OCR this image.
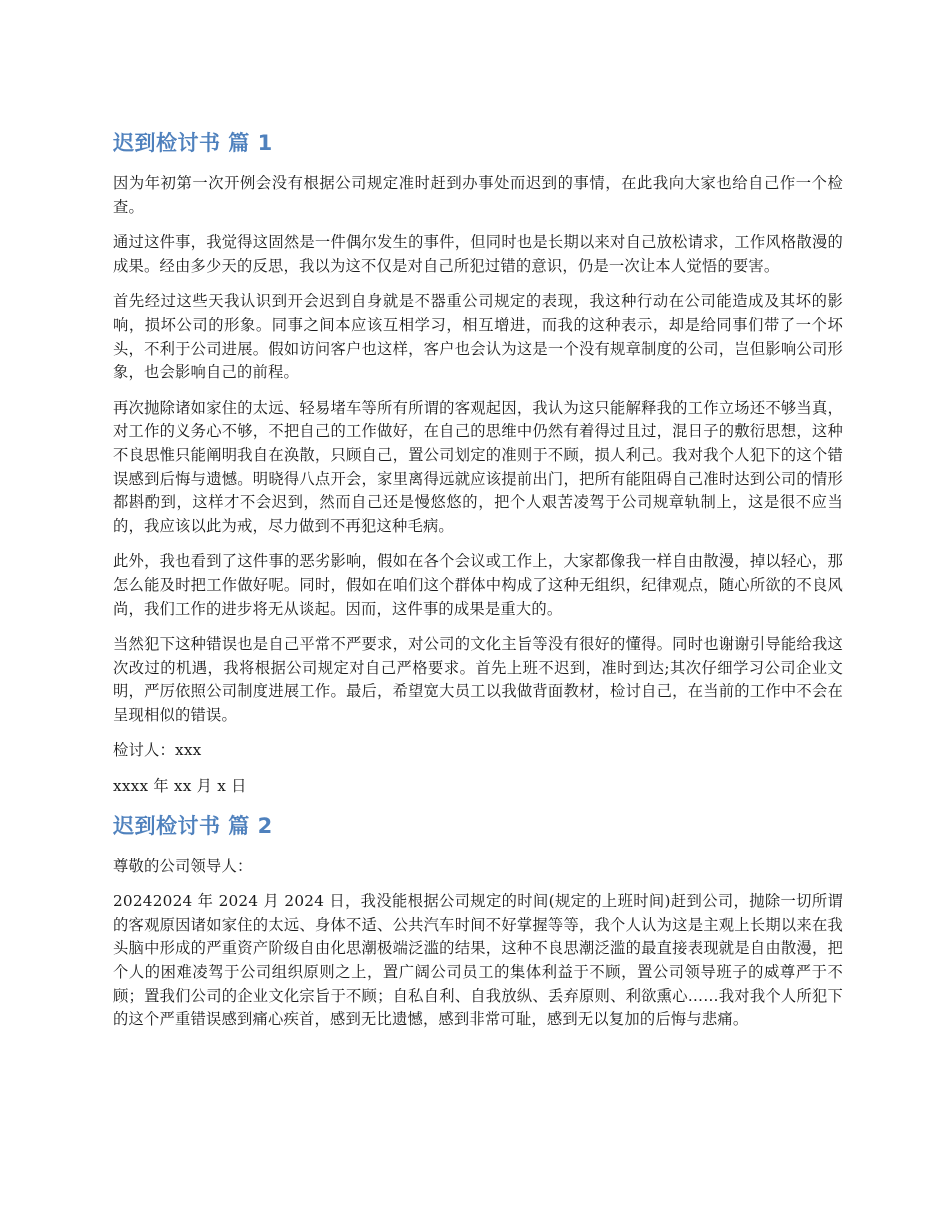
迟到检讨书 篇 1

因为年初第一次开例会没有根据公司规定准时赶到办事处而迟到的事情，在此我向大家也给自己作一个检查。

通过这件事，我觉得这固然是一件偶尔发生的事件，但同时也是长期以来对自己放松请求，工作风格散漫的成果。经由多少天的反思，我以为这不仅是对自己所犯过错的意识，仍是一次让本人觉悟的要害。

首先经过这些天我认识到开会迟到自身就是不器重公司规定的表现，我这种行动在公司能造成及其坏的影响，损坏公司的形象。同事之间本应该互相学习，相互增进，而我的这种表示，却是给同事们带了一个坏头，不利于公司进展。假如访问客户也这样，客户也会认为这是一个没有规章制度的公司，岂但影响公司形象，也会影响自己的前程。

再次抛除诸如家住的太远、轻易堵车等所有所谓的客观起因，我认为这只能解释我的工作立场还不够当真，对工作的义务心不够，不把自己的工作做好，在自己的思维中仍然有着得过且过，混日子的敷衍思想，这种不良思惟只能阐明我自在涣散，只顾自己，置公司划定的准则于不顾，损人利己。我对我个人犯下的这个错误感到后悔与遗憾。明晓得八点开会，家里离得远就应该提前出门，把所有能阻碍自己准时达到公司的情形都斟酌到，这样才不会迟到，然而自己还是慢悠悠的，把个人艰苦凌驾于公司规章轨制上，这是很不应当的，我应该以此为戒，尽力做到不再犯这种毛病。

此外，我也看到了这件事的恶劣影响，假如在各个会议或工作上，大家都像我一样自由散漫，掉以轻心，那怎么能及时把工作做好呢。同时，假如在咱们这个群体中构成了这种无组织，纪律观点，随心所欲的不良风尚，我们工作的进步将无从谈起。因而，这件事的成果是重大的。

当然犯下这种错误也是自己平常不严要求，对公司的文化主旨等没有很好的懂得。同时也谢谢引导能给我这次改过的机遇，我将根据公司规定对自己严格要求。首先上班不迟到，准时到达;其次仔细学习公司企业文明，严厉依照公司制度进展工作。最后，希望宽大员工以我做背面教材，检讨自己，在当前的工作中不会在呈现相似的错误。

检讨人：xxx

xxxx 年 xx 月 x 日

迟到检讨书 篇 2

尊敬的公司领导人：

20242024 年 2024 月 2024 日，我没能根据公司规定的时间(规定的上班时间)赶到公司，抛除一切所谓的客观原因诸如家住的太远、身体不适、公共汽车时间不好掌握等等，我个人认为这是主观上长期以来在我头脑中形成的严重资产阶级自由化思潮极端泛滥的结果，这种不良思潮泛滥的最直接表现就是自由散漫，把个人的困难凌驾于公司组织原则之上，置广阔公司员工的集体利益于不顾，置公司领导班子的威尊严于不顾；置我们公司的企业文化宗旨于不顾；自私自利、自我放纵、丢弃原则、利欲熏心……我对我个人所犯下的这个严重错误感到痛心疾首，感到无比遗憾，感到非常可耻，感到无以复加的后悔与悲痛。
